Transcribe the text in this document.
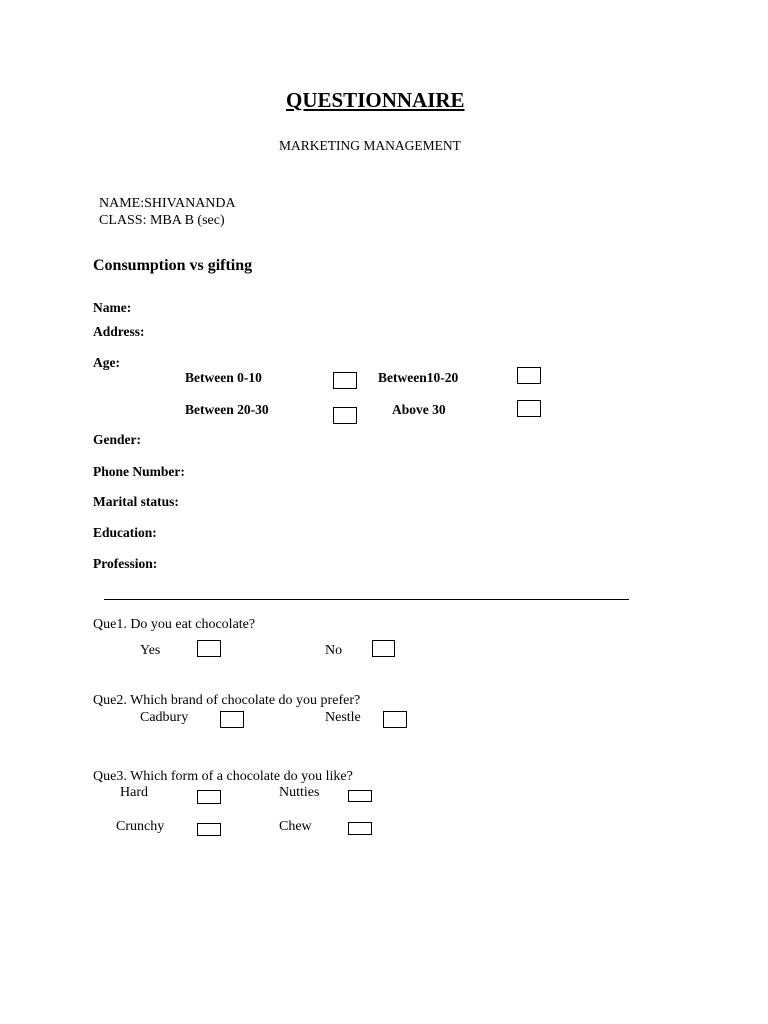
QUESTIONNAIRE
MARKETING MANAGEMENT
NAME:SHIVANANDA
CLASS: MBA B (sec)
Consumption vs gifting
Name:
Address:
Age:
Between 0-10	Between10-20
Between 20-30	Above 30
Gender:
Phone Number:
Marital status:
Education:
Profession:
Que1. Do you eat chocolate?
Yes	No
Que2. Which brand of chocolate do you prefer?
Cadbury	Nestle
Que3. Which form of a chocolate do you like?
Hard	Nutties
Crunchy	Chew
